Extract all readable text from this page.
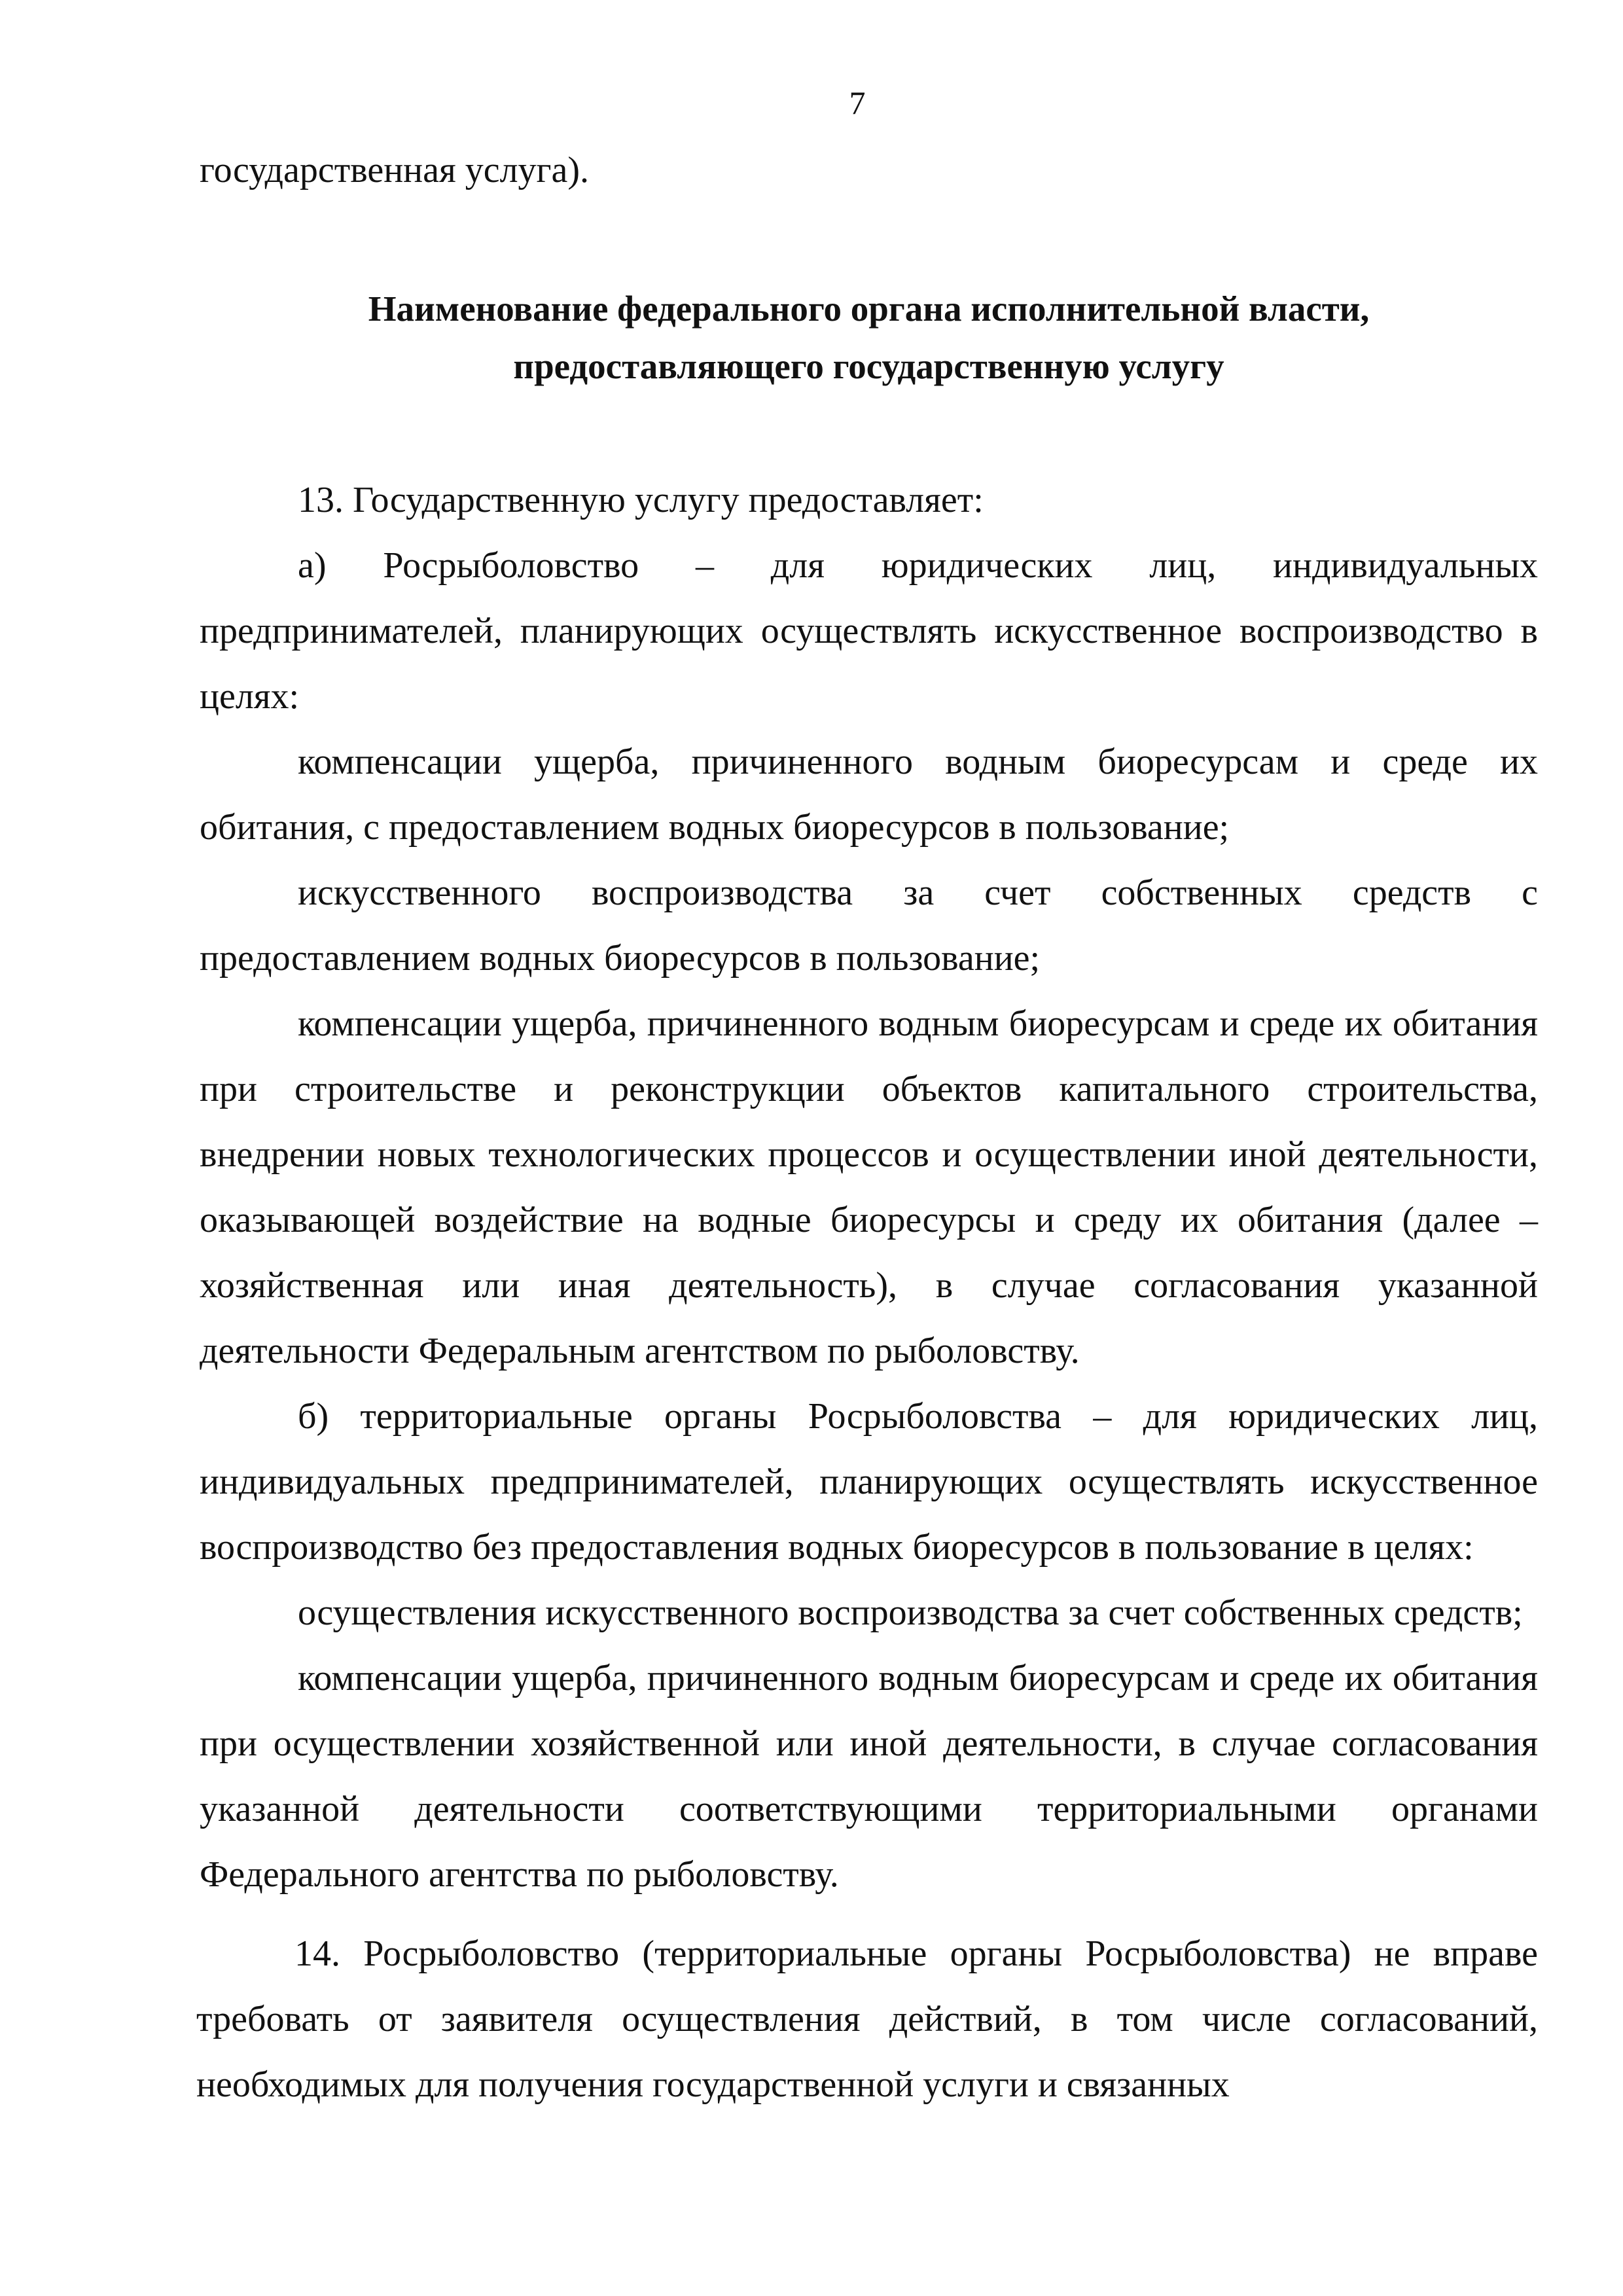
7

государственная услуга).

Наименование федерального органа исполнительной власти,
предоставляющего государственную услугу

13. Государственную услугу предоставляет:

а) Росрыболовство – для юридических лиц, индивидуальных предпринимателей, планирующих осуществлять искусственное воспроизводство в целях:

компенсации ущерба, причиненного водным биоресурсам и среде их обитания, с предоставлением водных биоресурсов в пользование;

искусственного воспроизводства за счет собственных средств с предоставлением водных биоресурсов в пользование;

компенсации ущерба, причиненного водным биоресурсам и среде их обитания при строительстве и реконструкции объектов капитального строительства, внедрении новых технологических процессов и осуществлении иной деятельности, оказывающей воздействие на водные биоресурсы и среду их обитания (далее – хозяйственная или иная деятельность), в случае согласования указанной деятельности Федеральным агентством по рыболовству.

б) территориальные органы Росрыболовства – для юридических лиц, индивидуальных предпринимателей, планирующих осуществлять искусственное воспроизводство без предоставления водных биоресурсов в пользование в целях:

осуществления искусственного воспроизводства за счет собственных средств;

компенсации ущерба, причиненного водным биоресурсам и среде их обитания при осуществлении хозяйственной или иной деятельности, в случае согласования указанной деятельности соответствующими территориальными органами Федерального агентства по рыболовству.

14. Росрыболовство (территориальные органы Росрыболовства) не вправе требовать от заявителя осуществления действий, в том числе согласований, необходимых для получения государственной услуги и связанных
